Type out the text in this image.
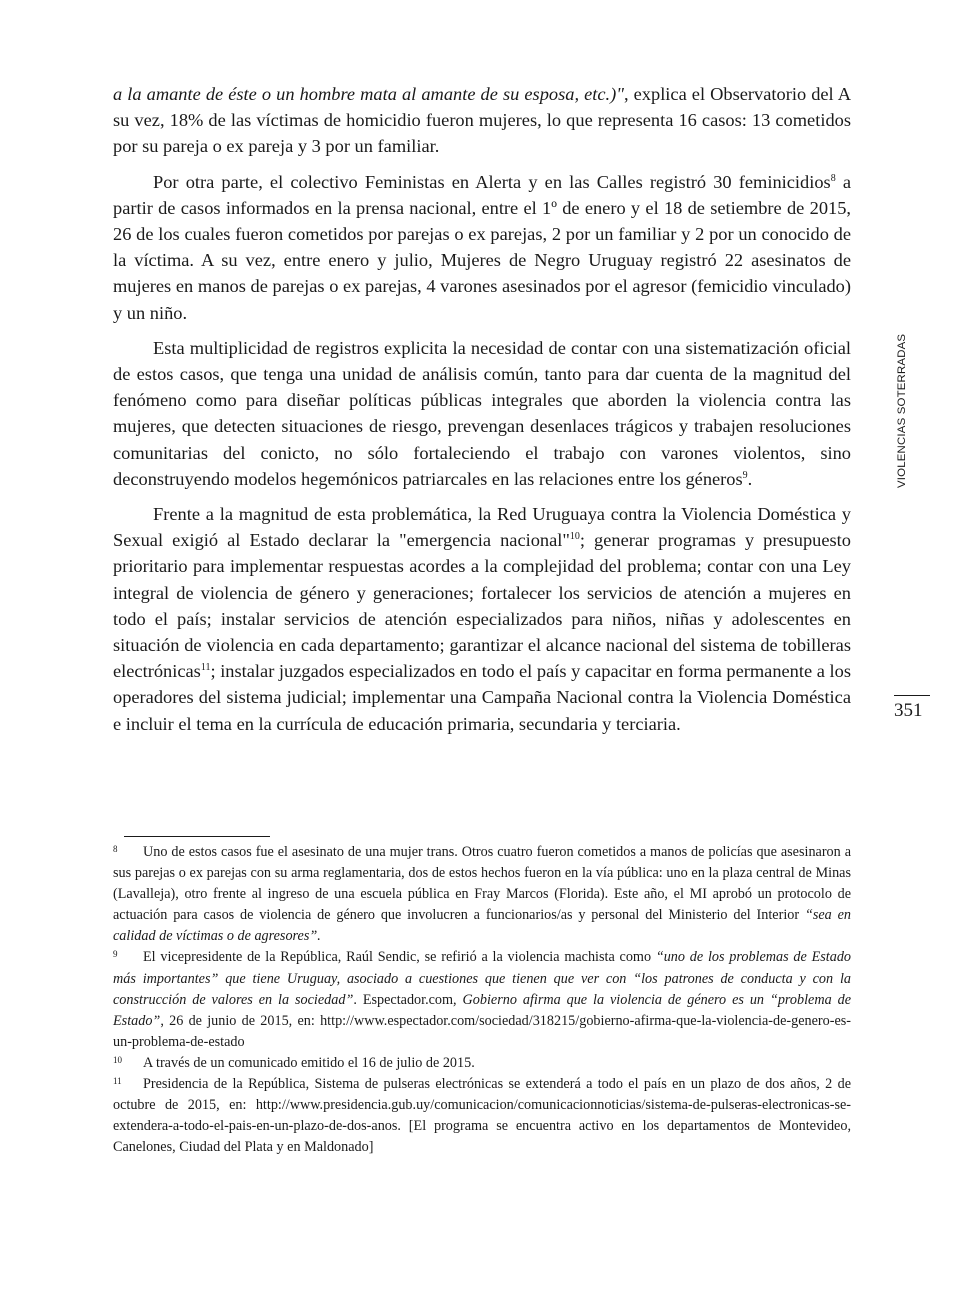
a la amante de éste o un hombre mata al amante de su esposa, etc.)", explica el Observatorio del A su vez, 18% de las víctimas de homicidio fueron mujeres, lo que representa 16 casos: 13 cometidos por su pareja o ex pareja y 3 por un familiar.

Por otra parte, el colectivo Feministas en Alerta y en las Calles registró 30 feminicidios$^8$ a partir de casos informados en la prensa nacional, entre el 1º de enero y el 18 de setiembre de 2015, 26 de los cuales fueron cometidos por parejas o ex parejas, 2 por un familiar y 2 por un conocido de la víctima. A su vez, entre enero y julio, Mujeres de Negro Uruguay registró 22 asesinatos de mujeres en manos de parejas o ex parejas, 4 varones asesinados por el agresor (femicidio vinculado) y un niño.

Esta multiplicidad de registros explicita la necesidad de contar con una sistematización oficial de estos casos, que tenga una unidad de análisis común, tanto para dar cuenta de la magnitud del fenómeno como para diseñar políticas públicas integrales que aborden la violencia contra las mujeres, que detecten situaciones de riesgo, prevengan desenlaces trágicos y trabajen resoluciones comunitarias del conicto, no sólo fortaleciendo el trabajo con varones violentos, sino deconstruyendo modelos hegemónicos patriarcales en las relaciones entre los géneros$^9$.

Frente a la magnitud de esta problemática, la Red Uruguaya contra la Violencia Doméstica y Sexual exigió al Estado declarar la "emergencia nacional"$^{10}$; generar programas y presupuesto prioritario para implementar respuestas acordes a la complejidad del problema; contar con una Ley integral de violencia de género y generaciones; fortalecer los servicios de atención a mujeres en todo el país; instalar servicios de atención especializados para niños, niñas y adolescentes en situación de violencia en cada departamento; garantizar el alcance nacional del sistema de tobilleras electrónicas$^{11}$; instalar juzgados especializados en todo el país y capacitar en forma permanente a los operadores del sistema judicial; implementar una Campaña Nacional contra la Violencia Doméstica e incluir el tema en la currícula de educación primaria, secundaria y terciaria.

8 Uno de estos casos fue el asesinato de una mujer trans. Otros cuatro fueron cometidos a manos de policías que asesinaron a sus parejas o ex parejas con su arma reglamentaria, dos de estos hechos fueron en la vía pública: uno en la plaza central de Minas (Lavalleja), otro frente al ingreso de una escuela pública en Fray Marcos (Florida). Este año, el MI aprobó un protocolo de actuación para casos de violencia de género que involucren a funcionarios/as y personal del Ministerio del Interior “sea en calidad de víctimas o de agresores”.

9 El vicepresidente de la República, Raúl Sendic, se refirió a la violencia machista como “uno de los problemas de Estado más importantes” que tiene Uruguay, asociado a cuestiones que tienen que ver con “los patrones de conducta y con la construcción de valores en la sociedad”. Espectador.com, Gobierno afirma que la violencia de género es un “problema de Estado”, 26 de junio de 2015, en: http://www.espectador.com/sociedad/318215/gobierno-afirma-que-la-violencia-de-genero-es-un-problema-de-estado

10 A través de un comunicado emitido el 16 de julio de 2015.

11 Presidencia de la República, Sistema de pulseras electrónicas se extenderá a todo el país en un plazo de dos años, 2 de octubre de 2015, en: http://www.presidencia.gub.uy/comunicacion/comunicacionnoticias/sistema-de-pulseras-electronicas-se-extendera-a-todo-el-pais-en-un-plazo-de-dos-anos. [El programa se encuentra activo en los departamentos de Montevideo, Canelones, Ciudad del Plata y en Maldonado]

VIOLENCIAS SOTERRADAS
351
